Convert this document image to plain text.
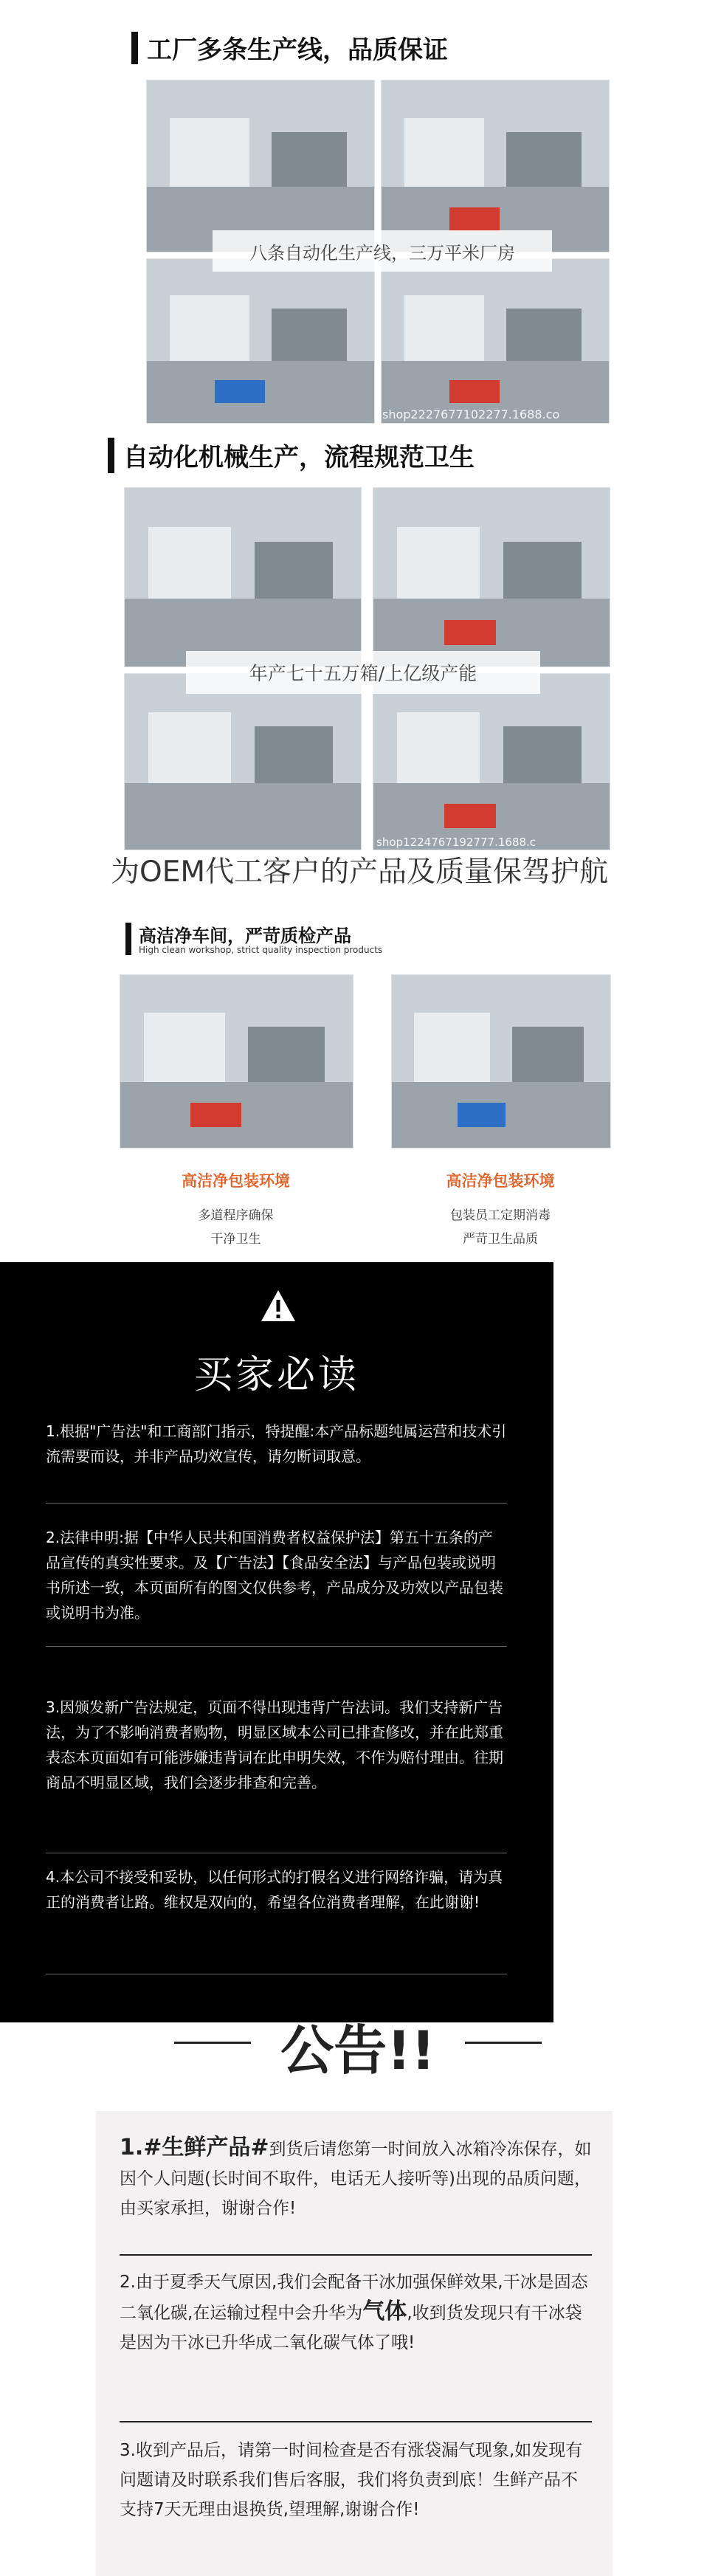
工厂多条生产线，品质保证
八条自动化生产线，三万平米厂房
shop2227677102277.1688.co
自动化机械生产，流程规范卫生
年产七十五万箱/上亿级产能
shop1224767192777.1688.c
为OEM代工客户的产品及质量保驾护航
高洁净车间，严苛质检产品
High clean workshop, strict quality inspection products
高洁净包装环境
多道程序确保
干净卫生
高洁净包装环境
包装员工定期消毒
严苛卫生品质
买家必读

1.根据"广告法"和工商部门指示，特提醒:本产品标题纯属运营和技术引流需要而设，并非产品功效宣传，请勿断词取意。

2.法律申明:据【中华人民共和国消费者权益保护法】第五十五条的产品宣传的真实性要求。及【广告法】【食品安全法】与产品包装或说明书所述一致，本页面所有的图文仅供参考，产品成分及功效以产品包装或说明书为准。

3.因颁发新广告法规定，页面不得出现违背广告法词。我们支持新广告法，为了不影响消费者购物，明显区域本公司已排查修改，并在此郑重表态本页面如有可能涉嫌违背词在此申明失效，不作为赔付理由。往期商品不明显区域，我们会逐步排查和完善。

4.本公司不接受和妥协，以任何形式的打假名义进行网络诈骗，请为真正的消费者让路。维权是双向的，希望各位消费者理解，在此谢谢!

公告!!

1.#生鲜产品#到货后请您第一时间放入冰箱冷冻保存，如因个人问题(长时间不取件，电话无人接听等)出现的品质问题，由买家承担，谢谢合作!

2.由于夏季天气原因,我们会配备干冰加强保鲜效果,干冰是固态二氧化碳,在运输过程中会升华为气体,收到货发现只有干冰袋是因为干冰已升华成二氧化碳气体了哦!

3.收到产品后，请第一时间检查是否有涨袋漏气现象,如发现有问题请及时联系我们售后客服，我们将负责到底！生鲜产品不支持7天无理由退换货,望理解,谢谢合作!
